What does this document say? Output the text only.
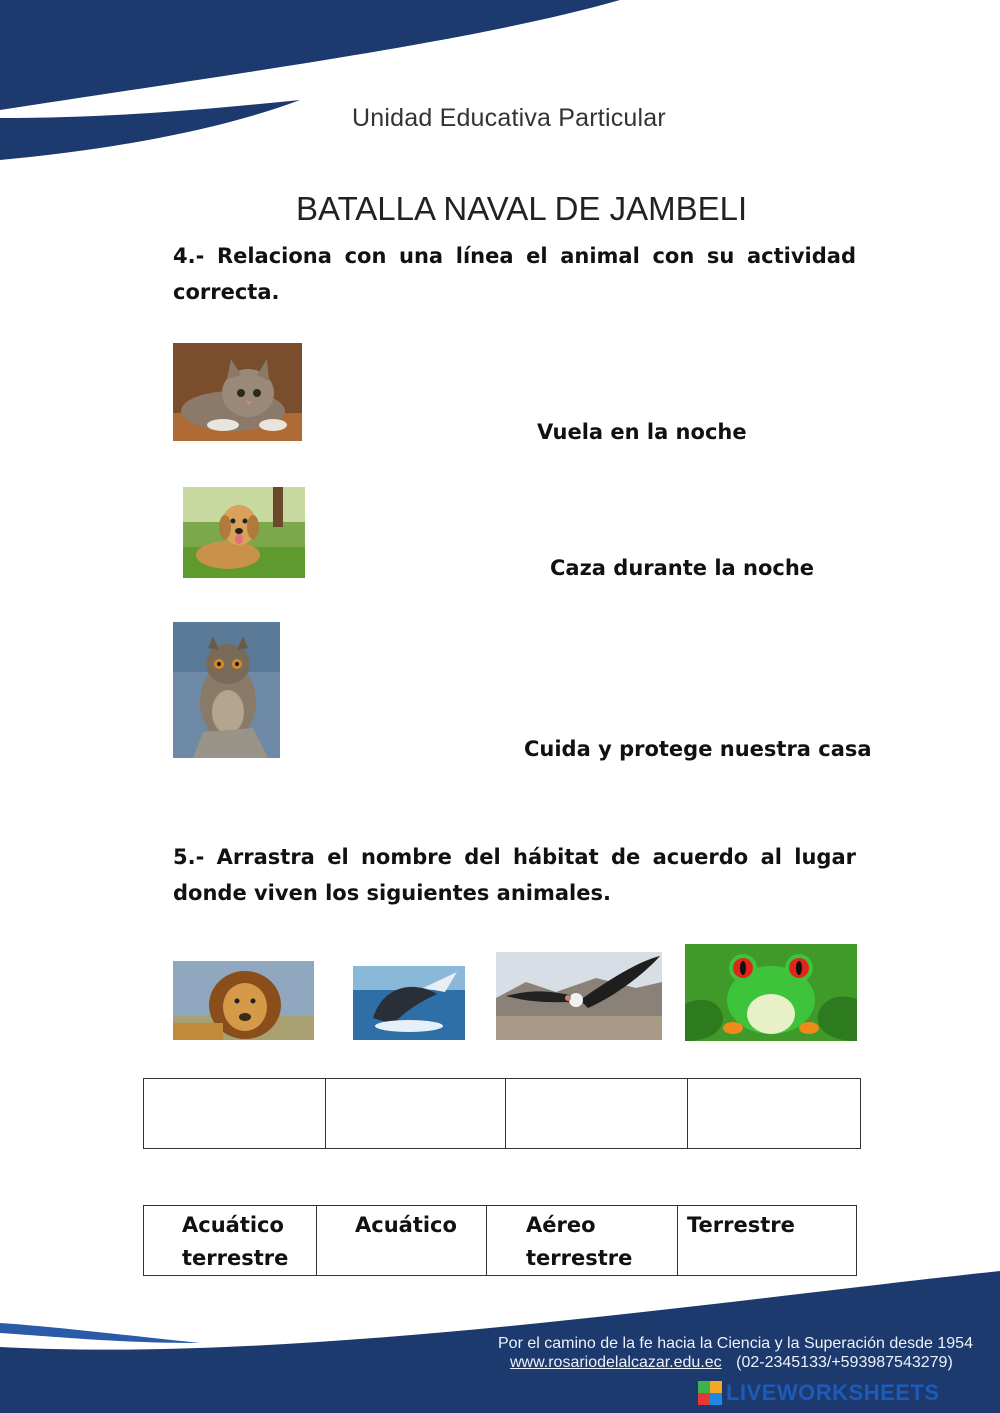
Unidad Educativa Particular
BATALLA NAVAL DE JAMBELI
4.- Relaciona con una línea el animal con su actividad correcta.
Vuela en la noche
Caza durante la noche
Cuida y protege nuestra casa
5.- Arrastra el nombre del hábitat de acuerdo al lugar donde viven los siguientes animales.

Acuático terrestre	Acuático	Aéreo terrestre	Terrestre
Por el camino de la fe hacia la Ciencia y la Superación desde 1954
www.rosariodelalcazar.edu.ec (02-2345133/+593987543279)
LIVEWORKSHEETS
